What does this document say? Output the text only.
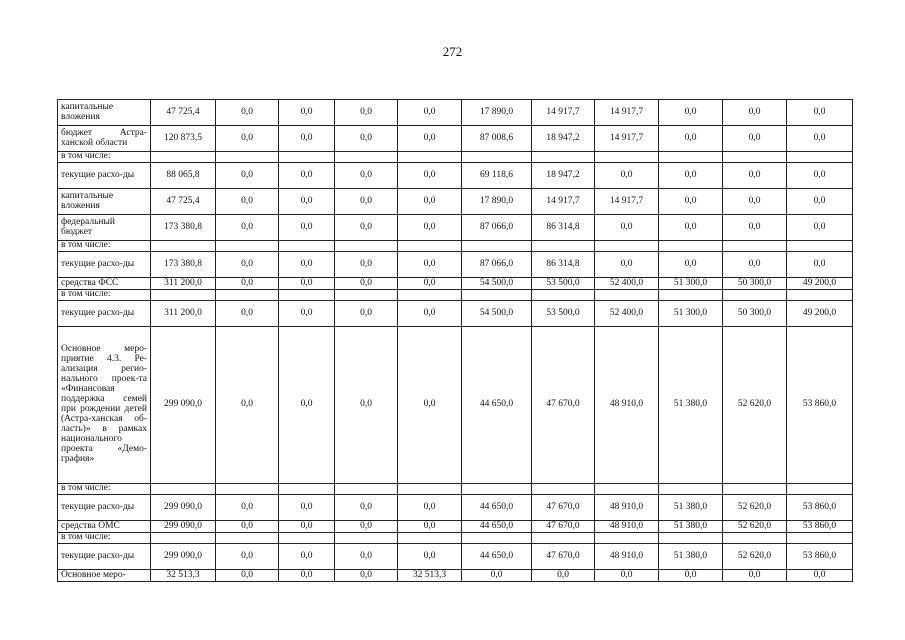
272
капитальные вложения	47 725,4	0,0	0,0	0,0	0,0	17 890,0	14 917,7	14 917,7	0,0	0,0	0,0
бюджет Астра-ханской области	120 873,5	0,0	0,0	0,0	0,0	87 008,6	18 947,2	14 917,7	0,0	0,0	0,0
в том числе:											
текущие расхо-ды	88 065,8	0,0	0,0	0,0	0,0	69 118,6	18 947,2	0,0	0,0	0,0	0,0
капитальные вложения	47 725,4	0,0	0,0	0,0	0,0	17 890,0	14 917,7	14 917,7	0,0	0,0	0,0
федеральный бюджет	173 380,8	0,0	0,0	0,0	0,0	87 066,0	86 314,8	0,0	0,0	0,0	0,0
в том числе:											
текущие расхо-ды	173 380,8	0,0	0,0	0,0	0,0	87 066,0	86 314,8	0,0	0,0	0,0	0,0
средства ФСС	311 200,0	0,0	0,0	0,0	0,0	54 500,0	53 500,0	52 400,0	51 300,0	50 300,0	49 200,0
в том числе:											
текущие расхо-ды	311 200,0	0,0	0,0	0,0	0,0	54 500,0	53 500,0	52 400,0	51 300,0	50 300,0	49 200,0
Основное меро-приятие 4.3. Ре-ализация регио-нального проек-та «Финансовая поддержка семей при рождении детей (Астра-ханская об-ласть)» в рамках национального проекта «Демо-графия»	299 090,0	0,0	0,0	0,0	0,0	44 650,0	47 670,0	48 910,0	51 380,0	52 620,0	53 860,0
в том числе:											
текущие расхо-ды	299 090,0	0,0	0,0	0,0	0,0	44 650,0	47 670,0	48 910,0	51 380,0	52 620,0	53 860,0
средства ОМС	299 090,0	0,0	0,0	0,0	0,0	44 650,0	47 670,0	48 910,0	51 380,0	52 620,0	53 860,0
в том числе:											
текущие расхо-ды	299 090,0	0,0	0,0	0,0	0,0	44 650,0	47 670,0	48 910,0	51 380,0	52 620,0	53 860,0
Основное меро-	32 513,3	0,0	0,0	0,0	32 513,3	0,0	0,0	0,0	0,0	0,0	0,0
